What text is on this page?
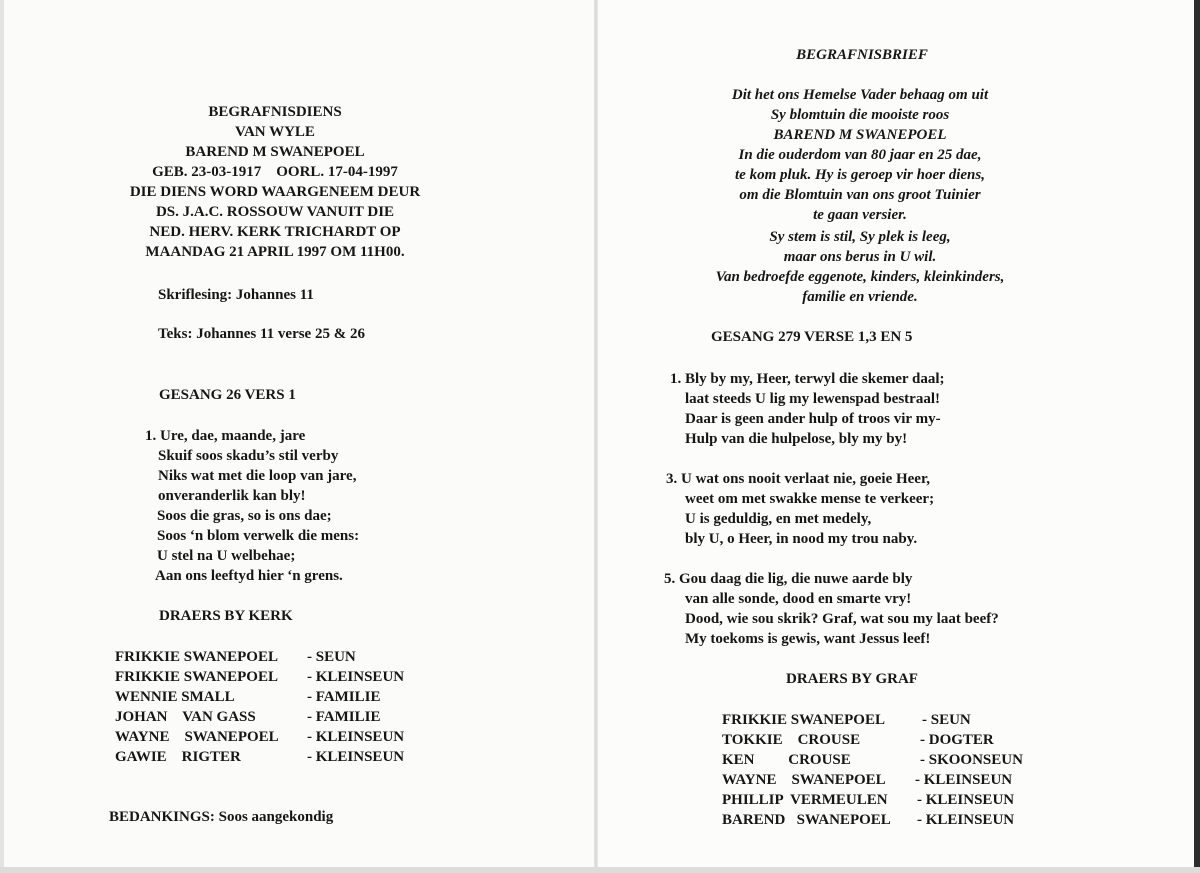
BEGRAFNISDIENS
VAN WYLE
BAREND M SWANEPOEL
GEB. 23-03-1917    OORL. 17-04-1997
DIE DIENS WORD WAARGENEEM DEUR
DS. J.A.C. ROSSOUW VANUIT DIE
NED. HERV. KERK TRICHARDT OP
MAANDAG 21 APRIL 1997 OM 11H00.
Skriflesing: Johannes 11
Teks: Johannes 11 verse 25 & 26
GESANG 26 VERS 1
1. Ure, dae, maande, jare
Skuif soos skadu’s stil verby
Niks wat met die loop van jare,
onveranderlik kan bly!
Soos die gras, so is ons dae;
Soos ‘n blom verwelk die mens:
U stel na U welbehae;
Aan ons leeftyd hier ‘n grens.
DRAERS BY KERK
FRIKKIE SWANEPOEL - SEUN
FRIKKIE SWANEPOEL - KLEINSEUN
WENNIE SMALL	- FAMILIE
JOHAN    VAN GASS	- FAMILIE
WAYNE    SWANEPOEL - KLEINSEUN
GAWIE    RIGTER	- KLEINSEUN
BEDANKINGS: Soos aangekondig
BEGRAFNISBRIEF
Dit het ons Hemelse Vader behaag om uit
Sy blomtuin die mooiste roos
BAREND M SWANEPOEL
In die ouderdom van 80 jaar en 25 dae,
te kom pluk. Hy is geroep vir hoer diens,
om die Blomtuin van ons groot Tuinier
te gaan versier.
Sy stem is stil, Sy plek is leeg,
maar ons berus in U wil.
Van bedroefde eggenote, kinders, kleinkinders,
familie en vriende.
GESANG 279 VERSE 1,3 EN 5
1. Bly by my, Heer, terwyl die skemer daal;
laat steeds U lig my lewenspad bestraal!
Daar is geen ander hulp of troos vir my-
Hulp van die hulpelose, bly my by!
3. U wat ons nooit verlaat nie, goeie Heer,
weet om met swakke mense te verkeer;
U is geduldig, en met medely,
bly U, o Heer, in nood my trou naby.
5. Gou daag die lig, die nuwe aarde bly
van alle sonde, dood en smarte vry!
Dood, wie sou skrik? Graf, wat sou my laat beef?
My toekoms is gewis, want Jessus leef!
DRAERS BY GRAF
FRIKKIE SWANEPOEL - SEUN
TOKKIE    CROUSE	- DOGTER
KEN         CROUSE	- SKOONSEUN
WAYNE    SWANEPOEL - KLEINSEUN
PHILLIP  VERMEULEN - KLEINSEUN
BAREND   SWANEPOEL - KLEINSEUN
